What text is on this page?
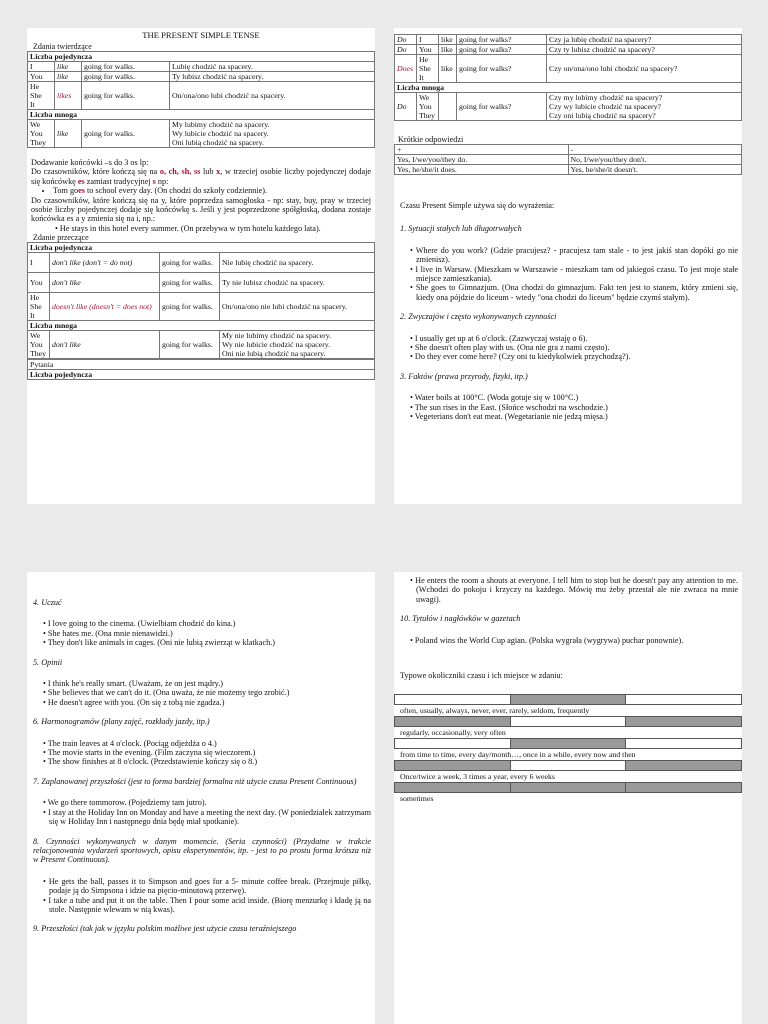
THE PRESENT SIMPLE TENSE
Zdania twierdzące
Liczba pojedyncza			
I	like	going for walks.	Lubię chodzić na spacery.
You	like	going for walks.	Ty lubisz chodzić na spacery.
He
She
It	likes	going for walks.	On/ona/ono lubi chodzić na spacery.
Liczba mnoga			
We
You
They	like	going for walks.	My lubimy chodzić na spacery.
Wy lubicie chodzić na spacery.
Oni lubią chodzić na spacery.

Dodawanie końcówki –s do 3 os lp:

Do czasowników, które kończą się na o, ch, sh, ss lub x, w trzeciej osobie liczby pojedynczej dodaje się końcówkę es zamiast tradycyjnej s np:

• Tom goes to school every day. (On chodzi do szkoły codziennie).

Do czasowników, które kończą się na y, które poprzedza samogłoska - np: stay, buy, pray w trzeciej osobie liczby pojedynczej dodaje się końcówkę s. Jeśli y jest poprzedzone spółgłoską, dodana zostaje końcówka es a y zmienia się na i, np.:

• He stays in this hotel every summer. (On przebywa w tym hotelu każdego lata).
Zdanie przeczące
Liczba pojedyncza			
I	don't like (don't = do not)	going for walks.	Nie lubię chodzić na spacery.
You	don't like	going for walks.	Ty nie lubisz chodzić na spacery.
He
She
It	doesn't like (doesn't = does not)	going for walks.	On/ona/ono nie lubi chodzić na spacery.
Liczba mnoga			
We
You
They	don't like	going for walks.	My nie lubimy chodzić na spacery.
Wy nie lubicie chodzić na spacery.
Oni nie lubią chodzić na spacery.
Pytania
Liczba pojedyncza
Do	I	like	going for walks?	Czy ja lubię chodzić na spacery?
Do	You	like	going for walks?	Czy ty lubisz chodzić na spacery?
Does	He
She
It	like	going for walks?	Czy on/ona/ono lubi chodzić na spacery?
Liczba mnoga				
Do	We
You
They		going for walks?	Czy my lubimy chodzić na spacery?
Czy wy lubicie chodzić na spacery?
Czy oni lubią chodzić na spacery?
Krótkie odpowiedzi
+	-
Yes, I/we/you/they do.	No, I/we/you/they don't.
Yes, he/she/it does.	Yes, he/she/it doesn't.

Czasu Present Simple używa się do wyrażenia:

1. Sytuacji stałych lub długotrwałych

• Where do you work? (Gdzie pracujesz? - pracujesz tam stale - to jest jakiś stan dopóki go nie zmienisz).

• I live in Warsaw. (Mieszkam w Warszawie - mieszkam tam od jakiegoś czasu. To jest moje stałe miejsce zamieszkania).

• She goes to Gimnazjum. (Ona chodzi do gimnazjum. Fakt ten jest to stanem, który zmieni się, kiedy ona pójdzie do liceum - wtedy "ona chodzi do liceum" będzie czymś stałym).

2. Zwyczajów i często wykonywanych czynności

• I usually get up at 6 o'clock. (Zazwyczaj wstaję o 6).

• She doesn't often play with us. (Ona nie gra z nami często).

• Do they ever come here? (Czy oni tu kiedykolwiek przychodzą?).

3. Faktów (prawa przyrody, fizyki, itp.)

• Water boils at 100°C. (Woda gotuje się w 100°C.)

• The sun rises in the East. (Słońce wschodzi na wschodzie.)

• Vegeterians don't eat meat. (Wegetarianie nie jedzą mięsa.)

4. Uczuć

• I love going to the cinema. (Uwielbiam chodzić do kina.)

• She hates me. (Ona mnie nienawidzi.)

• They don't like animals in cages. (Oni nie lubią zwierząt w klatkach.)

5. Opinii

• I think he's really smart. (Uważam, że on jest mądry.)

• She believes that we can't do it. (Ona uważa, że nie możemy tego zrobić.)

• He doesn't agree with you. (On się z tobą nie zgadza.)

6. Harmonogramów (plany zajęć, rozkłady jazdy, itp.)

• The train leaves at 4 o'clock. (Pociąg odjeżdża o 4.)

• The movie starts in the evening. (Film zaczyna się wieczorem.)

• The show finishes at 8 o'clock. (Przedstawienie kończy się o 8.)

7. Zaplanowanej przyszłości (jest to forma bardziej formalna niż użycie czasu Present Continuous)

• We go there tommorow. (Pojedziemy tam jutro).

• I stay at the Holiday Inn on Monday and have a meeting the next day. (W poniedziałek zatrzymam się w Holiday Inn i następnego dnia będę miał spotkanie).

8. Czynności wykonywanych w danym momencie. (Seria czynności) (Przydatne w trakcie relacjonowania wydarzeń sportowych, opisu eksperymentów, itp. - jest to po prostu forma krótsza niż w Present Continuous).

• He gets the ball, passes it to Simpson and goes for a 5- minute coffee break. (Przejmuje piłkę, podaje ją do Simpsona i idzie na pięcio-minutową przerwę).

• I take a tube and put it on the table. Then I pour some acid inside. (Biorę menzurkę i kładę ją na stole. Następnie wlewam w nią kwas).

9. Przeszłości (tak jak w języku polskim możliwe jest użycie czasu teraźniejszego

• He enters the room a shouts at everyone. I tell him to stop but he doesn't pay any attention to me. (Wchodzi do pokoju i krzyczy na każdego. Mówię mu żeby przestał ale nie zwraca na mnie uwagi).

10. Tytułów i nagłówków w gazetach

• Poland wins the World Cup agian. (Polska wygrała (wygrywa) puchar ponownie).

Typowe okoliczniki czasu i ich miejsce w zdaniu:

often, usually, always, never, ever, rarely, seldom, frequently

regularly, occasionally, very often

from time to time, every day/month…, once in a while, every now and then

Once/twice a week, 3 times a year, every 6 weeks

sometimes
